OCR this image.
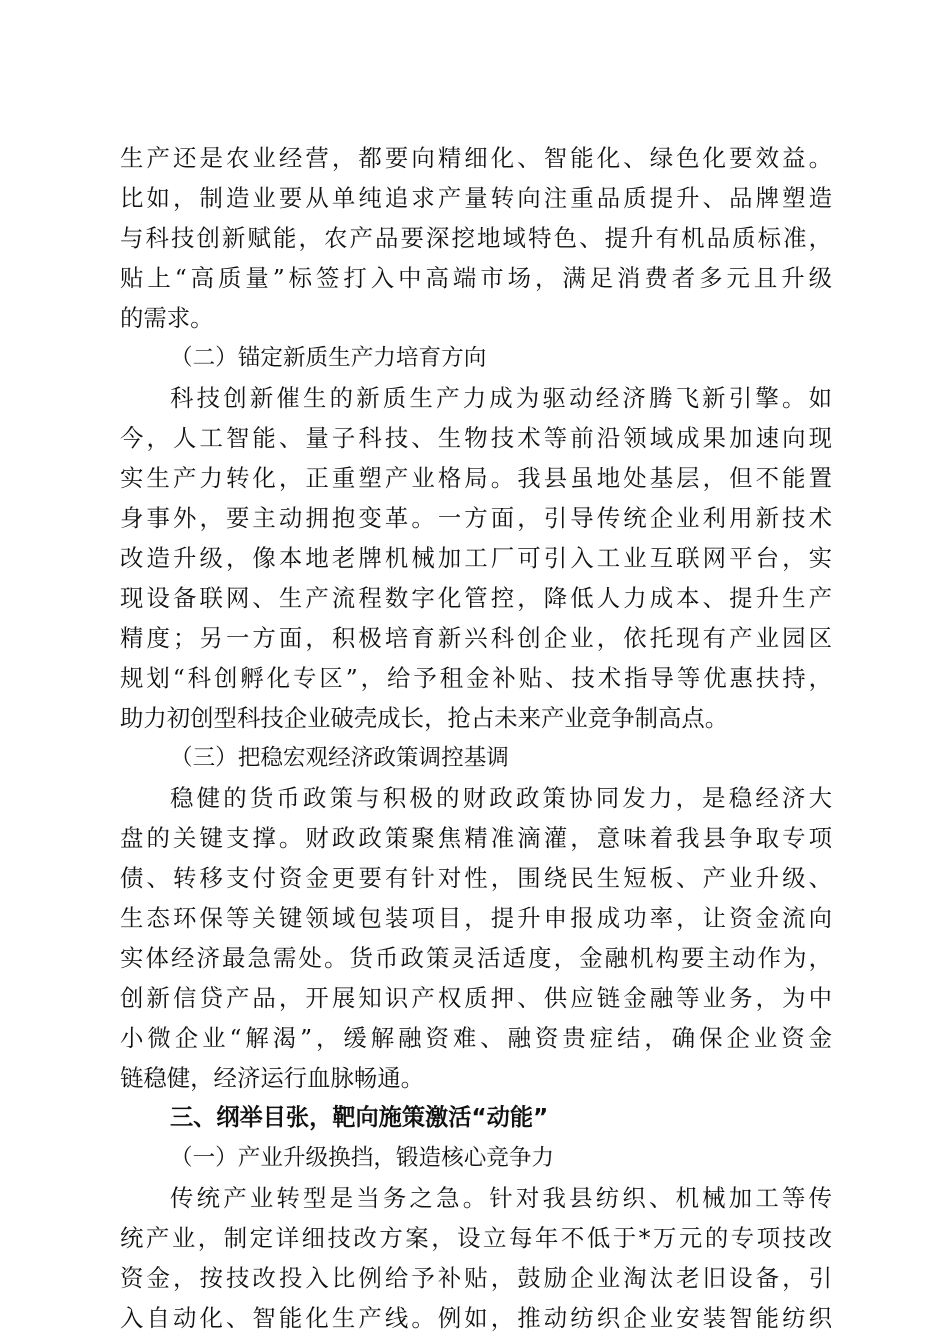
生产还是农业经营，都要向精细化、智能化、绿色化要效益。
比如，制造业要从单纯追求产量转向注重品质提升、品牌塑造
与科技创新赋能，农产品要深挖地域特色、提升有机品质标准，
贴上“高质量”标签打入中高端市场，满足消费者多元且升级
的需求。
（二）锚定新质生产力培育方向
科技创新催生的新质生产力成为驱动经济腾飞新引擎。如
今，人工智能、量子科技、生物技术等前沿领域成果加速向现
实生产力转化，正重塑产业格局。我县虽地处基层，但不能置
身事外，要主动拥抱变革。一方面，引导传统企业利用新技术
改造升级，像本地老牌机械加工厂可引入工业互联网平台，实
现设备联网、生产流程数字化管控，降低人力成本、提升生产
精度；另一方面，积极培育新兴科创企业，依托现有产业园区
规划“科创孵化专区”，给予租金补贴、技术指导等优惠扶持，
助力初创型科技企业破壳成长，抢占未来产业竞争制高点。
（三）把稳宏观经济政策调控基调
稳健的货币政策与积极的财政政策协同发力，是稳经济大
盘的关键支撑。财政政策聚焦精准滴灌，意味着我县争取专项
债、转移支付资金更要有针对性，围绕民生短板、产业升级、
生态环保等关键领域包装项目，提升申报成功率，让资金流向
实体经济最急需处。货币政策灵活适度，金融机构要主动作为，
创新信贷产品，开展知识产权质押、供应链金融等业务，为中
小微企业“解渴”，缓解融资难、融资贵症结，确保企业资金
链稳健，经济运行血脉畅通。
三、纲举目张，靶向施策激活“动能”
（一）产业升级换挡，锻造核心竞争力
传统产业转型是当务之急。针对我县纺织、机械加工等传
统产业，制定详细技改方案，设立每年不低于*万元的专项技改
资金，按技改投入比例给予补贴，鼓励企业淘汰老旧设备，引
入自动化、智能化生产线。例如，推动纺织企业安装智能纺织
